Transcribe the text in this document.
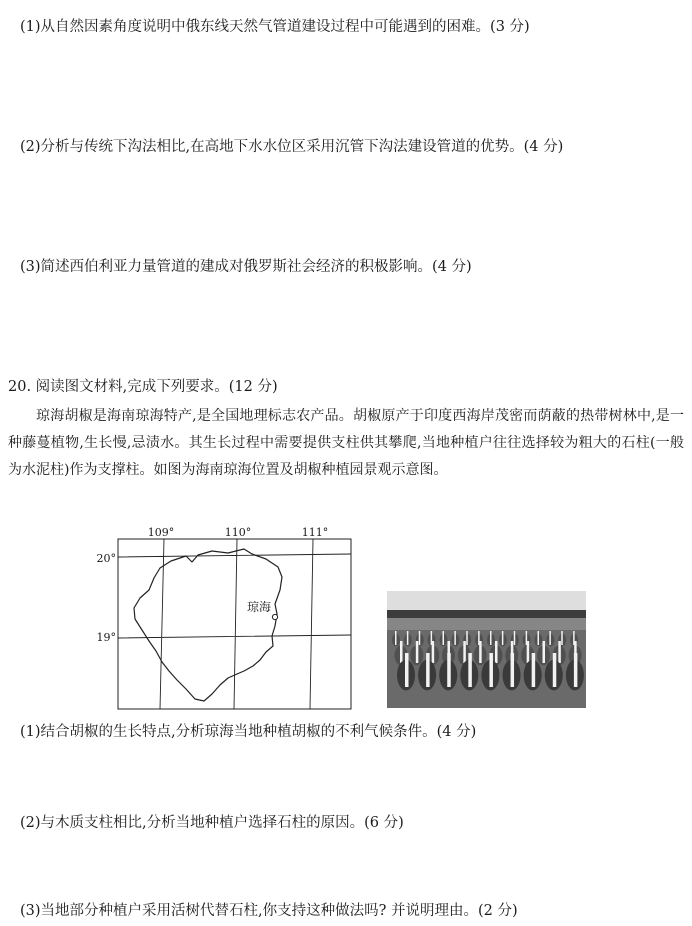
(1)从自然因素角度说明中俄东线天然气管道建设过程中可能遇到的困难。(3 分)
(2)分析与传统下沟法相比,在高地下水水位区采用沉管下沟法建设管道的优势。(4 分)
(3)简述西伯利亚力量管道的建成对俄罗斯社会经济的积极影响。(4 分)
20. 阅读图文材料,完成下列要求。(12 分)
琼海胡椒是海南琼海特产,是全国地理标志农产品。胡椒原产于印度西海岸茂密而荫蔽的热带树林中,是一种藤蔓植物,生长慢,忌渍水。其生长过程中需要提供支柱供其攀爬,当地种植户往往选择较为粗大的石柱(一般为水泥柱)作为支撑柱。如图为海南琼海位置及胡椒种植园景观示意图。
109°	110°	111°
20°
19°
琼海
(1)结合胡椒的生长特点,分析琼海当地种植胡椒的不利气候条件。(4 分)
(2)与木质支柱相比,分析当地种植户选择石柱的原因。(6 分)
(3)当地部分种植户采用活树代替石柱,你支持这种做法吗? 并说明理由。(2 分)
